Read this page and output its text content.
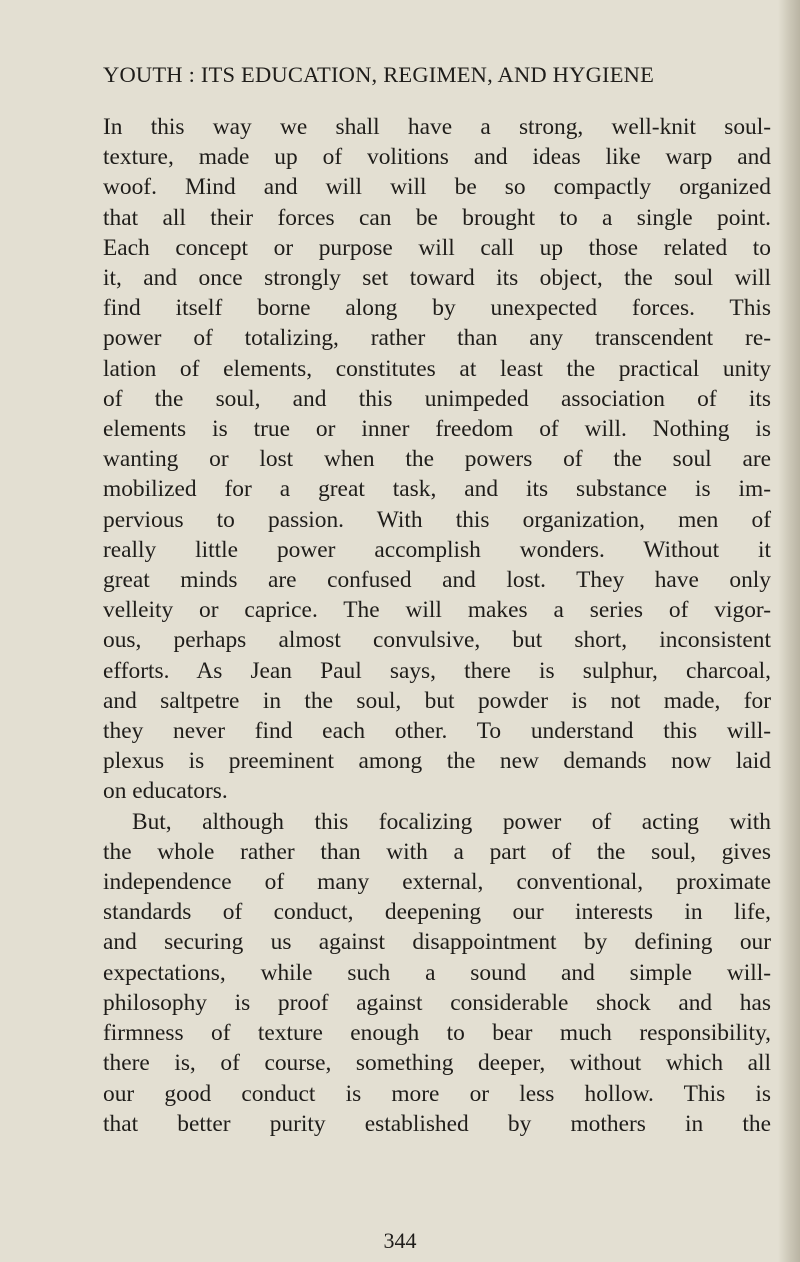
YOUTH : ITS EDUCATION, REGIMEN, AND HYGIENE
In this way we shall have a strong, well-knit soul-
texture, made up of volitions and ideas like warp and
woof. Mind and will will be so compactly organized
that all their forces can be brought to a single point.
Each concept or purpose will call up those related to
it, and once strongly set toward its object, the soul will
find itself borne along by unexpected forces. This
power of totalizing, rather than any transcendent re-
lation of elements, constitutes at least the practical unity
of the soul, and this unimpeded association of its
elements is true or inner freedom of will. Nothing is
wanting or lost when the powers of the soul are
mobilized for a great task, and its substance is im-
pervious to passion. With this organization, men of
really little power accomplish wonders. Without it
great minds are confused and lost. They have only
velleity or caprice. The will makes a series of vigor-
ous, perhaps almost convulsive, but short, inconsistent
efforts. As Jean Paul says, there is sulphur, charcoal,
and saltpetre in the soul, but powder is not made, for
they never find each other. To understand this will-
plexus is preeminent among the new demands now laid
on educators.
But, although this focalizing power of acting with
the whole rather than with a part of the soul, gives
independence of many external, conventional, proximate
standards of conduct, deepening our interests in life,
and securing us against disappointment by defining our
expectations, while such a sound and simple will-
philosophy is proof against considerable shock and has
firmness of texture enough to bear much responsibility,
there is, of course, something deeper, without which all
our good conduct is more or less hollow. This is
that better purity established by mothers in the
344
